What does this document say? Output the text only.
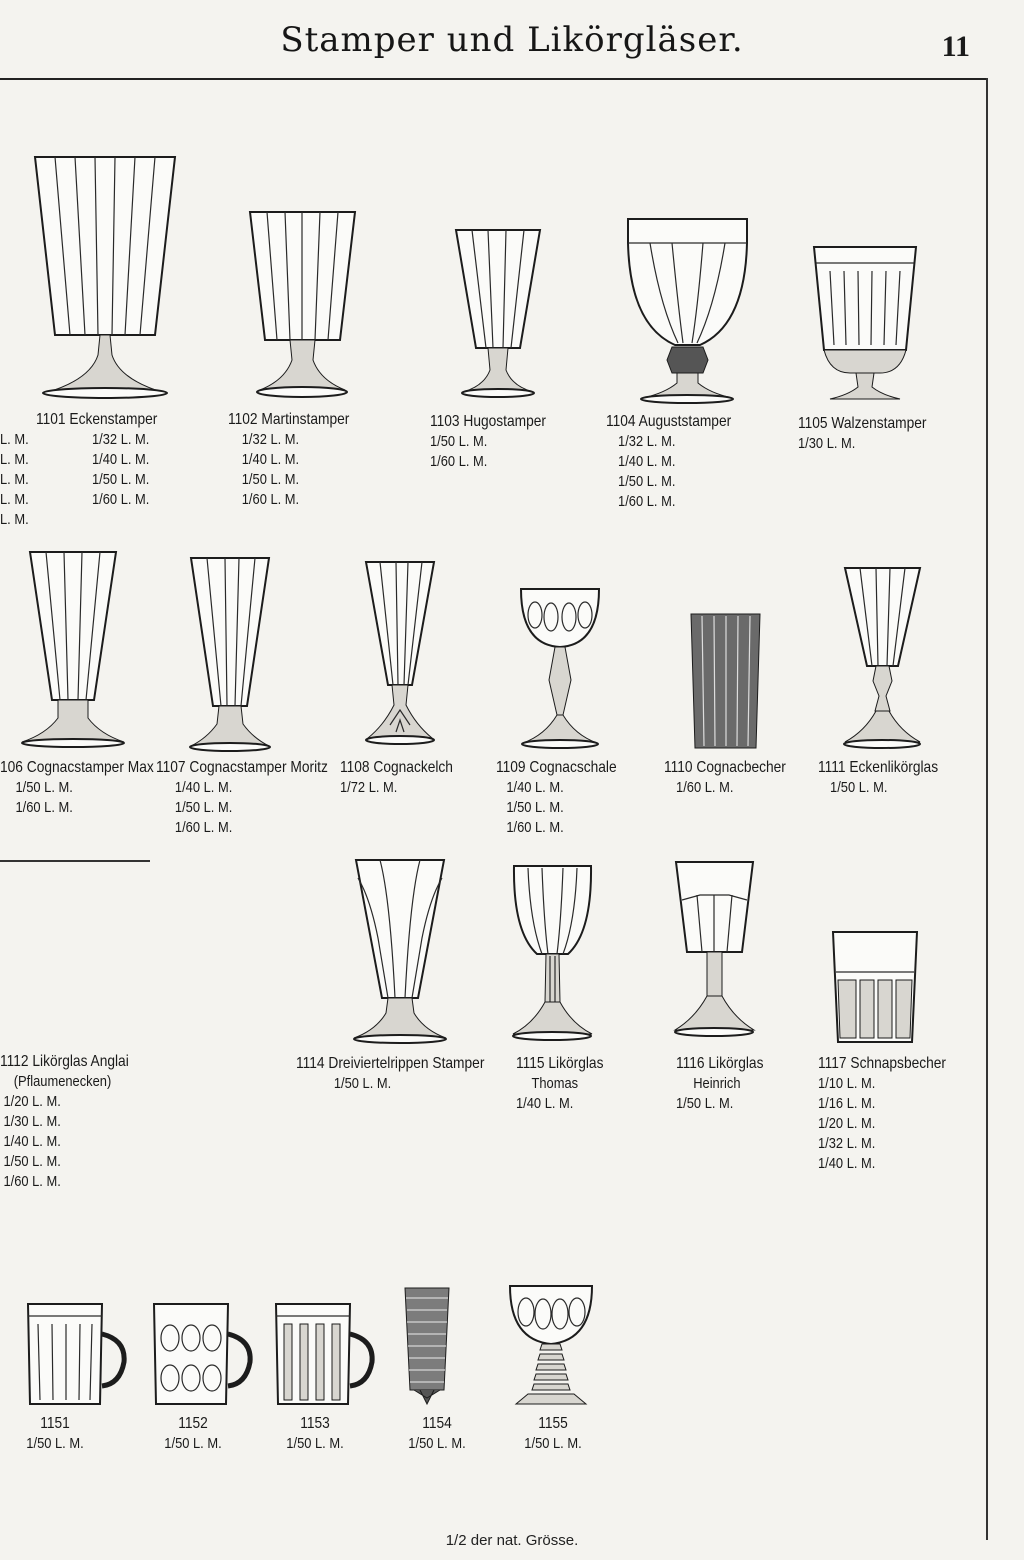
Stamper und Likörgläser.	11
1101 Eckenstamper
L. M.
L. M.
L. M.
L. M.
L. M.
1/32 L. M.
1/40 L. M.
1/50 L. M.
1/60 L. M.
1102 Martinstamper
1/32 L. M.
1/40 L. M.
1/50 L. M.
1/60 L. M.
1103 Hugostamper
1/50 L. M.
1/60 L. M.
1104 Auguststamper
1/32 L. M.
1/40 L. M.
1/50 L. M.
1/60 L. M.
1105 Walzenstamper
1/30 L. M.
106 Cognacstamper Max
1/50 L. M.
1/60 L. M.
1107 Cognacstamper Moritz
1/40 L. M.
1/50 L. M.
1/60 L. M.
1108 Cognackelch
1/72 L. M.
1109 Cognacschale
1/40 L. M.
1/50 L. M.
1/60 L. M.
1110 Cognacbecher
1/60 L. M.
1111 Eckenlikörglas
1/50 L. M.
1112 Likörglas Anglai
(Pflaumenecken)
1/20 L. M.
1/30 L. M.
1/40 L. M.
1/50 L. M.
1/60 L. M.
1114 Dreiviertelrippen Stamper
1/50 L. M.
1115 Likörglas
Thomas
1/40 L. M.
1116 Likörglas
Heinrich
1/50 L. M.
1117 Schnapsbecher
1/10 L. M.
1/16 L. M.
1/20 L. M.
1/32 L. M.
1/40 L. M.
1151
1/50 L. M.
1152
1/50 L. M.
1153
1/50 L. M.
1154
1/50 L. M.
1155
1/50 L. M.
1/2 der nat. Grösse.
